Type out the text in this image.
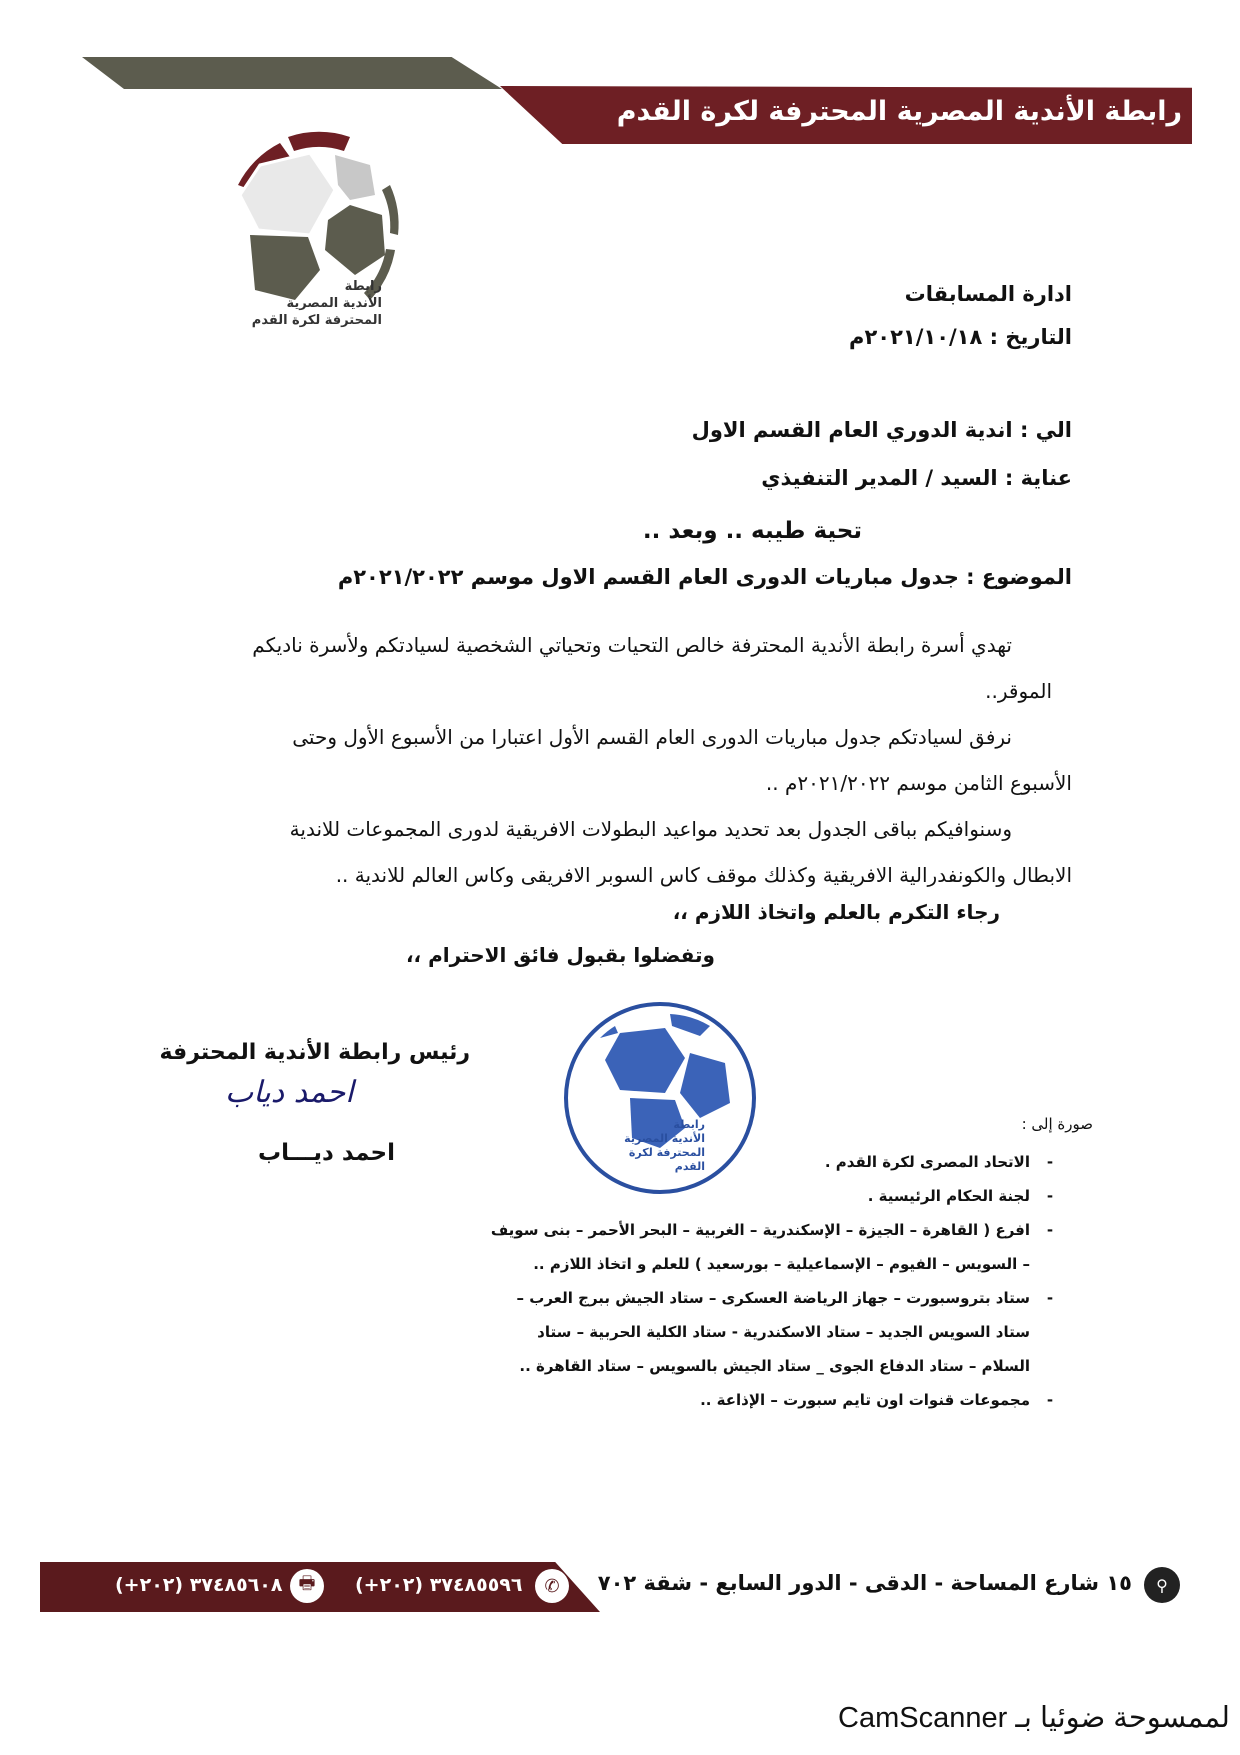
رابطة الأندية المصرية المحترفة لكرة القدم
رابطة
الأندية المصرية
المحترفة لكرة القدم
ادارة المسابقات
التاريخ : ٢٠٢١/١٠/١٨م
الي : اندية الدوري العام القسم الاول
عناية : السيد / المدير التنفيذي
تحية طيبه .. وبعد ..
الموضوع : جدول مباريات الدورى العام القسم الاول موسم ٢٠٢١/٢٠٢٢م
تهدي أسرة رابطة الأندية المحترفة خالص التحيات وتحياتي الشخصية لسيادتكم ولأسرة ناديكم
الموقر..
نرفق لسيادتكم جدول مباريات الدورى العام القسم الأول اعتبارا من الأسبوع الأول وحتى
الأسبوع الثامن موسم ٢٠٢١/٢٠٢٢م ..
وسنوافيكم بباقى الجدول بعد تحديد مواعيد البطولات الافريقية لدورى المجموعات للاندية
الابطال والكونفدرالية الافريقية وكذلك موقف كاس السوبر الافريقى وكاس العالم للاندية ..
رجاء التكرم بالعلم واتخاذ اللازم ،،
وتفضلوا بقبول فائق الاحترام ،،
رئيس رابطة الأندية المحترفة
احمد دياب
احمد ديـــاب
رابطة
الأندية المصرية
المحترفة لكرة القدم
صورة إلى :
-الاتحاد المصرى لكرة القدم .
-لجنة الحكام الرئيسية .
-افرع ( القاهرة – الجيزة – الإسكندرية – الغربية – البحر الأحمر – بنى سويف
– السويس – الفيوم – الإسماعيلية – بورسعيد ) للعلم و اتخاذ اللازم ..
-ستاد بتروسبورت – جهاز الرياضة العسكرى – ستاد الجيش ببرج العرب –
ستاد السويس الجديد – ستاد الاسكندرية - ستاد الكلية الحربية – ستاد
السلام – ستاد الدفاع الجوى _ ستاد الجيش بالسويس – ستاد القاهرة ..
-مجموعات قنوات اون تايم سبورت – الإذاعة ..
(+٢٠٢) ٣٧٤٨٥٦٠٨ 🖶	(+٢٠٢) ٣٧٤٨٥٥٩٦	✆	١٥ شارع المساحة - الدقى - الدور السابع - شقة ٧٠٢	⚲
لممسوحة ضوئيا بـ CamScanner
